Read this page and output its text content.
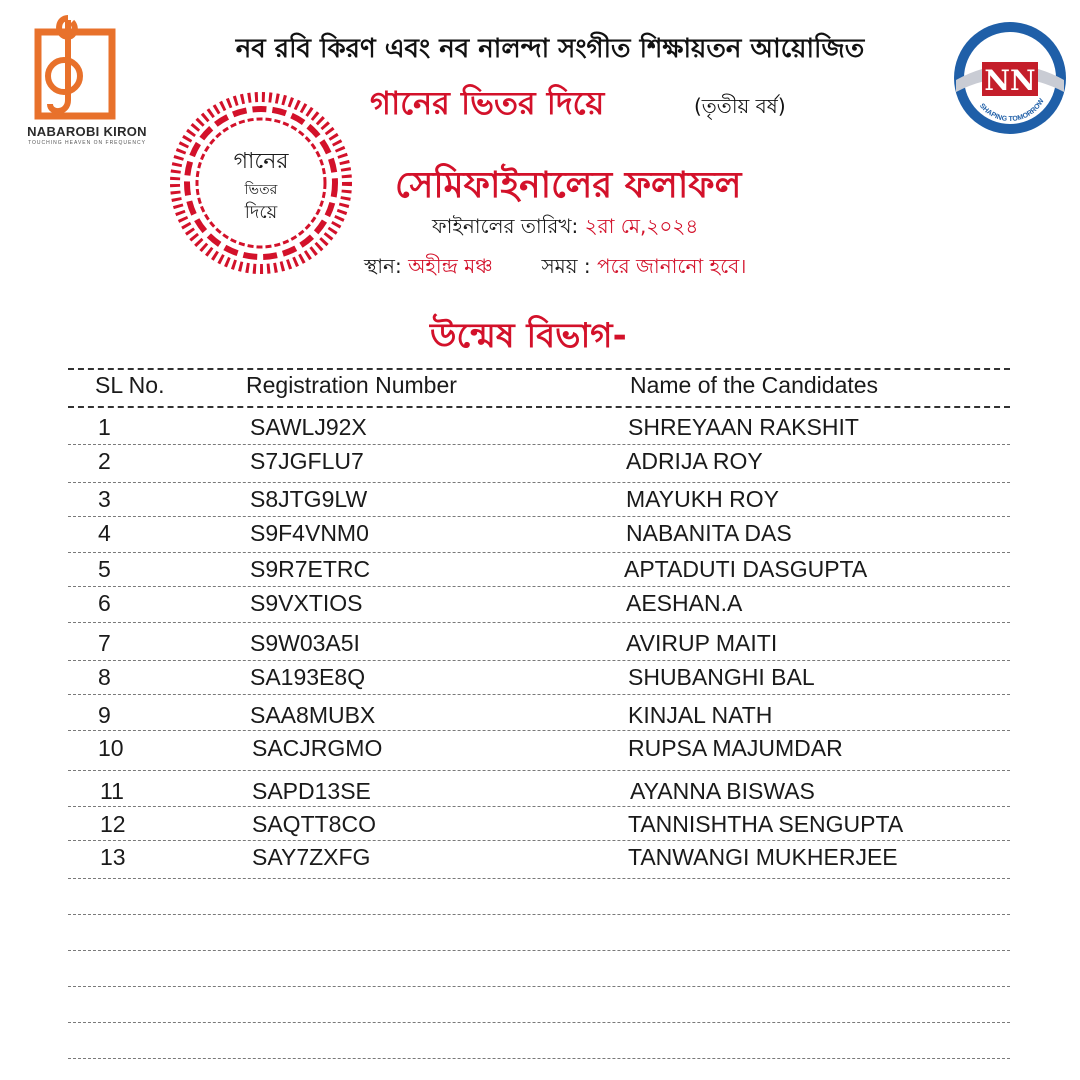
NABAROBI KIRON
TOUCHING HEAVEN ON FREQUENCY
Estd. 1967
NN
SHAPING TOMORROW
নব রবি কিরণ এবং নব নালন্দা সংগীত শিক্ষায়তন আয়োজিত
গানের ভিতর দিয়ে	(তৃতীয় বর্ষ)
গানের
ভিতর
দিয়ে
সেমিফাইনালের ফলাফল
ফাইনালের তারিখ: ২রা মে,২০২৪
স্থান: অহীন্দ্র মঞ্চ সময় : পরে জানানো হবে।
উন্মেষ বিভাগ-
SL No.	Registration Number	Name of the Candidates
1	SAWLJ92X	SHREYAAN RAKSHIT
2	S7JGFLU7	ADRIJA ROY
3	S8JTG9LW	MAYUKH ROY
4	S9F4VNM0	NABANITA DAS
5	S9R7ETRC	APTADUTI DASGUPTA
6	S9VXTIOS	AESHAN.A
7	S9W03A5I	AVIRUP MAITI
8	SA193E8Q	SHUBANGHI BAL
9	SAA8MUBX	KINJAL NATH
10	SACJRGMO	RUPSA MAJUMDAR
11	SAPD13SE	AYANNA BISWAS
12	SAQTT8CO	TANNISHTHA SENGUPTA
13	SAY7ZXFG	TANWANGI MUKHERJEE
